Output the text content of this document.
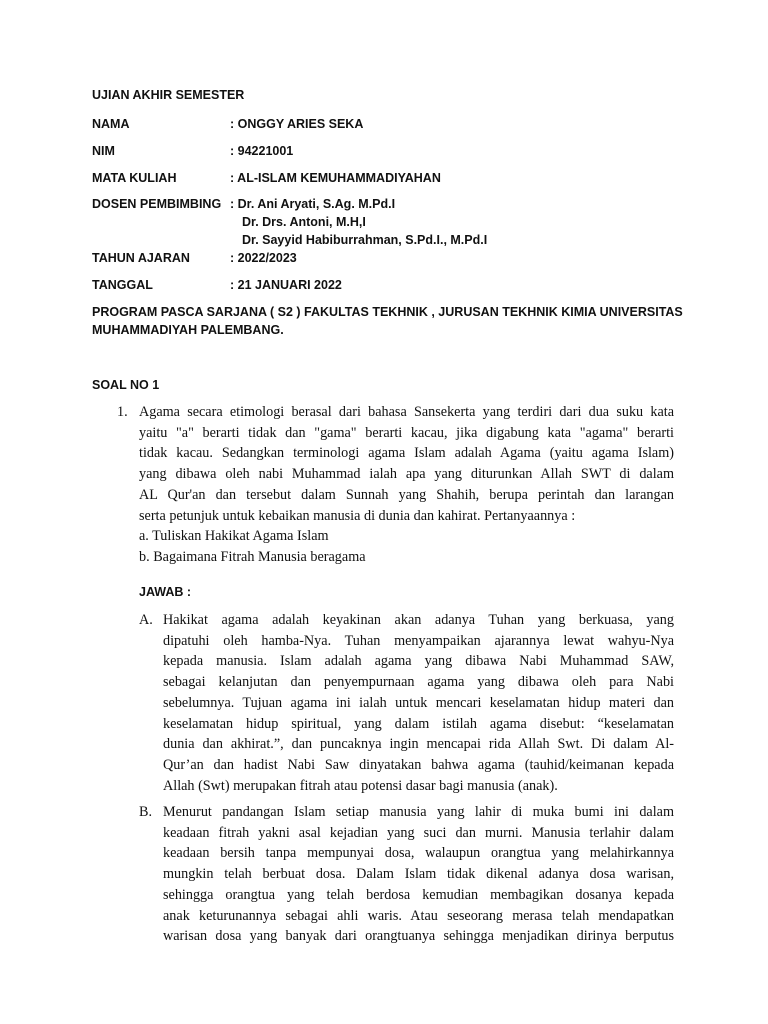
UJIAN AKHIR SEMESTER
NAMA	: ONGGY ARIES SEKA
NIM	: 94221001
MATA KULIAH	: AL-ISLAM KEMUHAMMADIYAHAN
DOSEN PEMBIMBING : Dr. Ani Aryati, S.Ag. M.Pd.I
Dr. Drs. Antoni, M.H,I
Dr. Sayyid Habiburrahman, S.Pd.I., M.Pd.I
TAHUN AJARAN	: 2022/2023
TANGGAL	: 21 JANUARI 2022
PROGRAM PASCA SARJANA ( S2 ) FAKULTAS TEKHNIK , JURUSAN TEKHNIK KIMIA UNIVERSITAS
MUHAMMADIYAH PALEMBANG.
SOAL NO 1
1. Agama secara etimologi berasal dari bahasa Sansekerta yang terdiri dari dua suku kata
yaitu "a" berarti tidak dan "gama" berarti kacau, jika digabung kata "agama" berarti
tidak kacau. Sedangkan terminologi agama Islam adalah Agama (yaitu agama Islam)
yang dibawa oleh nabi Muhammad ialah apa yang diturunkan Allah SWT di dalam
AL Qur'an dan tersebut dalam Sunnah yang Shahih, berupa perintah dan larangan
serta petunjuk untuk kebaikan manusia di dunia dan kahirat. Pertanyaannya :
a. Tuliskan Hakikat Agama Islam
b. Bagaimana Fitrah Manusia beragama
JAWAB :
A. Hakikat agama adalah keyakinan akan adanya Tuhan yang berkuasa, yang
dipatuhi oleh hamba-Nya. Tuhan menyampaikan ajarannya lewat wahyu-Nya
kepada manusia. Islam adalah agama yang dibawa Nabi Muhammad SAW,
sebagai kelanjutan dan penyempurnaan agama yang dibawa oleh para Nabi
sebelumnya. Tujuan agama ini ialah untuk mencari keselamatan hidup materi dan
keselamatan hidup spiritual, yang dalam istilah agama disebut: “keselamatan
dunia dan akhirat.”, dan puncaknya ingin mencapai rida Allah Swt. Di dalam Al-
Qur’an dan hadist Nabi Saw dinyatakan bahwa agama (tauhid/keimanan kepada
Allah (Swt) merupakan fitrah atau potensi dasar bagi manusia (anak).
B. Menurut pandangan Islam setiap manusia yang lahir di muka bumi ini dalam
keadaan fitrah yakni asal kejadian yang suci dan murni. Manusia terlahir dalam
keadaan bersih tanpa mempunyai dosa, walaupun orangtua yang melahirkannya
mungkin telah berbuat dosa. Dalam Islam tidak dikenal adanya dosa warisan,
sehingga orangtua yang telah berdosa kemudian membagikan dosanya kepada
anak keturunannya sebagai ahli waris. Atau seseorang merasa telah mendapatkan
warisan dosa yang banyak dari orangtuanya sehingga menjadikan dirinya berputus
